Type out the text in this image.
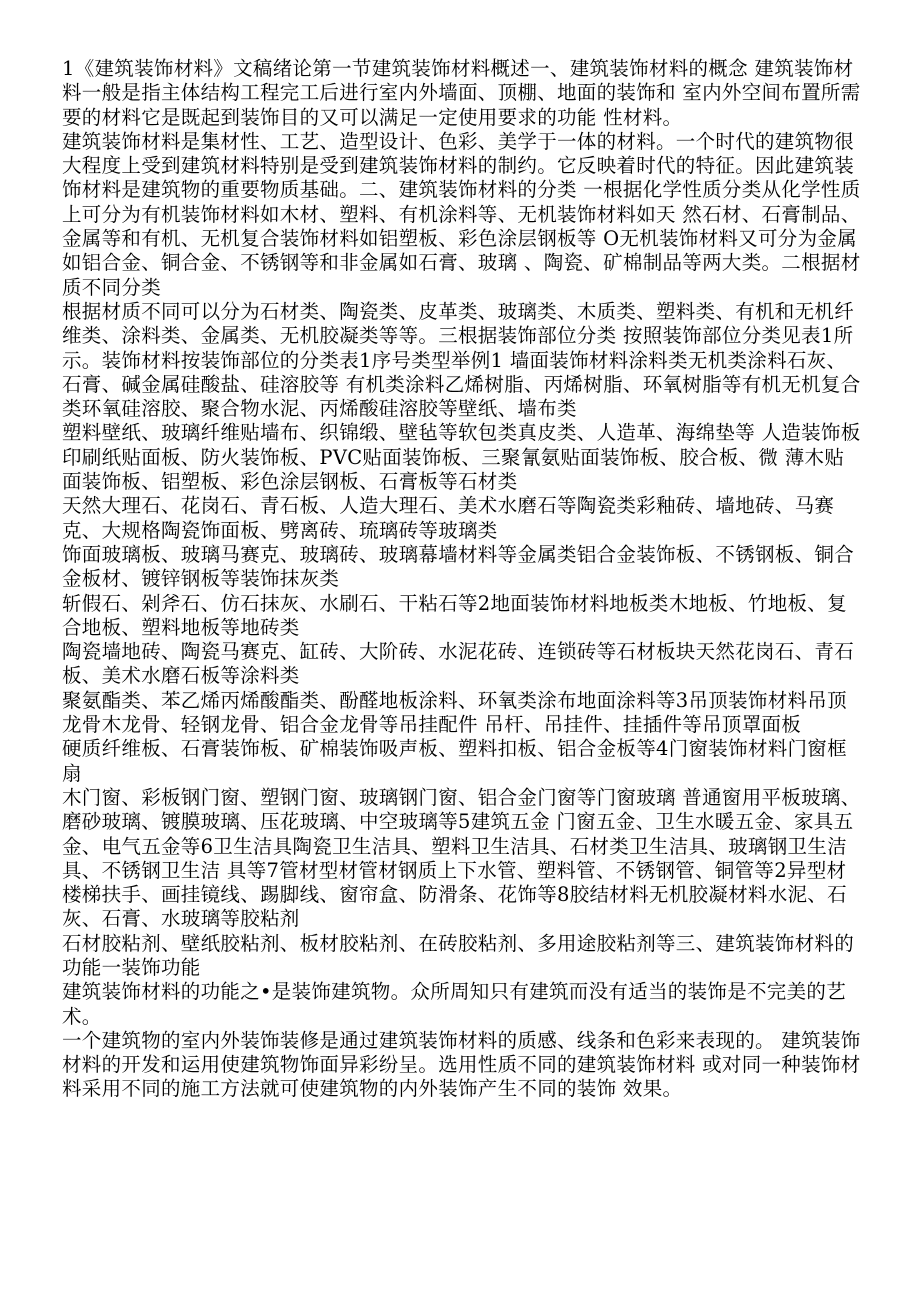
1《建筑装饰材料》文稿绪论第一节建筑装饰材料概述一、建筑装饰材料的概念 建筑装饰材料一般是指主体结构工程完工后进行室内外墙面、顶棚、地面的装饰和 室内外空间布置所需要的材料它是既起到装饰目的又可以满足一定使用要求的功能 性材料。

建筑装饰材料是集材性、工艺、造型设计、色彩、美学于一体的材料。一个时代的建筑物很大程度上受到建筑材料特别是受到建筑装饰材料的制约。它反映着时代的特征。因此建筑装饰材料是建筑物的重要物质基础。二、建筑装饰材料的分类 一根据化学性质分类从化学性质上可分为有机装饰材料如木材、塑料、有机涂料等、无机装饰材料如天 然石材、石膏制品、金属等和有机、无机复合装饰材料如铝塑板、彩色涂层钢板等 O无机装饰材料又可分为金属如铝合金、铜合金、不锈钢等和非金属如石膏、玻璃 、陶瓷、矿棉制品等两大类。二根据材质不同分类

根据材质不同可以分为石材类、陶瓷类、皮革类、玻璃类、木质类、塑料类、有机和无机纤维类、涂料类、金属类、无机胶凝类等等。三根据装饰部位分类 按照装饰部位分类见表1所示。装饰材料按装饰部位的分类表1序号类型举例1 墙面装饰材料涂料类无机类涂料石灰、石膏、碱金属硅酸盐、硅溶胶等 有机类涂料乙烯树脂、丙烯树脂、环氧树脂等有机无机复合类环氧硅溶胶、聚合物水泥、丙烯酸硅溶胶等壁纸、墙布类

塑料壁纸、玻璃纤维贴墙布、织锦缎、壁毡等软包类真皮类、人造革、海绵垫等 人造装饰板印刷纸贴面板、防火装饰板、PVC贴面装饰板、三聚氰氨贴面装饰板、胶合板、微 薄木贴面装饰板、铝塑板、彩色涂层钢板、石膏板等石材类

天然大理石、花岗石、青石板、人造大理石、美术水磨石等陶瓷类彩釉砖、墙地砖、马赛克、大规格陶瓷饰面板、劈离砖、琉璃砖等玻璃类

饰面玻璃板、玻璃马赛克、玻璃砖、玻璃幕墙材料等金属类铝合金装饰板、不锈钢板、铜合金板材、镀锌钢板等装饰抹灰类

斩假石、剁斧石、仿石抹灰、水刷石、干粘石等2地面装饰材料地板类木地板、竹地板、复合地板、塑料地板等地砖类

陶瓷墙地砖、陶瓷马赛克、缸砖、大阶砖、水泥花砖、连锁砖等石材板块天然花岗石、青石板、美术水磨石板等涂料类

聚氨酯类、苯乙烯丙烯酸酯类、酚醛地板涂料、环氧类涂布地面涂料等3吊顶装饰材料吊顶龙骨木龙骨、轻钢龙骨、铝合金龙骨等吊挂配件 吊杆、吊挂件、挂插件等吊顶罩面板

硬质纤维板、石膏装饰板、矿棉装饰吸声板、塑料扣板、铝合金板等4门窗装饰材料门窗框扇

木门窗、彩板钢门窗、塑钢门窗、玻璃钢门窗、铝合金门窗等门窗玻璃 普通窗用平板玻璃、磨砂玻璃、镀膜玻璃、压花玻璃、中空玻璃等5建筑五金 门窗五金、卫生水暖五金、家具五金、电气五金等6卫生洁具陶瓷卫生洁具、塑料卫生洁具、石材类卫生洁具、玻璃钢卫生洁具、不锈钢卫生洁 具等7管材型材管材钢质上下水管、塑料管、不锈钢管、铜管等2异型材

楼梯扶手、画挂镜线、踢脚线、窗帘盒、防滑条、花饰等8胶结材料无机胶凝材料水泥、石灰、石膏、水玻璃等胶粘剂

石材胶粘剂、壁纸胶粘剂、板材胶粘剂、在砖胶粘剂、多用途胶粘剂等三、建筑装饰材料的功能一装饰功能

建筑装饰材料的功能之•是装饰建筑物。众所周知只有建筑而没有适当的装饰是不完美的艺术。

一个建筑物的室内外装饰装修是通过建筑装饰材料的质感、线条和色彩来表现的。 建筑装饰材料的开发和运用使建筑物饰面异彩纷呈。选用性质不同的建筑装饰材料 或对同一种装饰材料采用不同的施工方法就可使建筑物的内外装饰产生不同的装饰 效果。
